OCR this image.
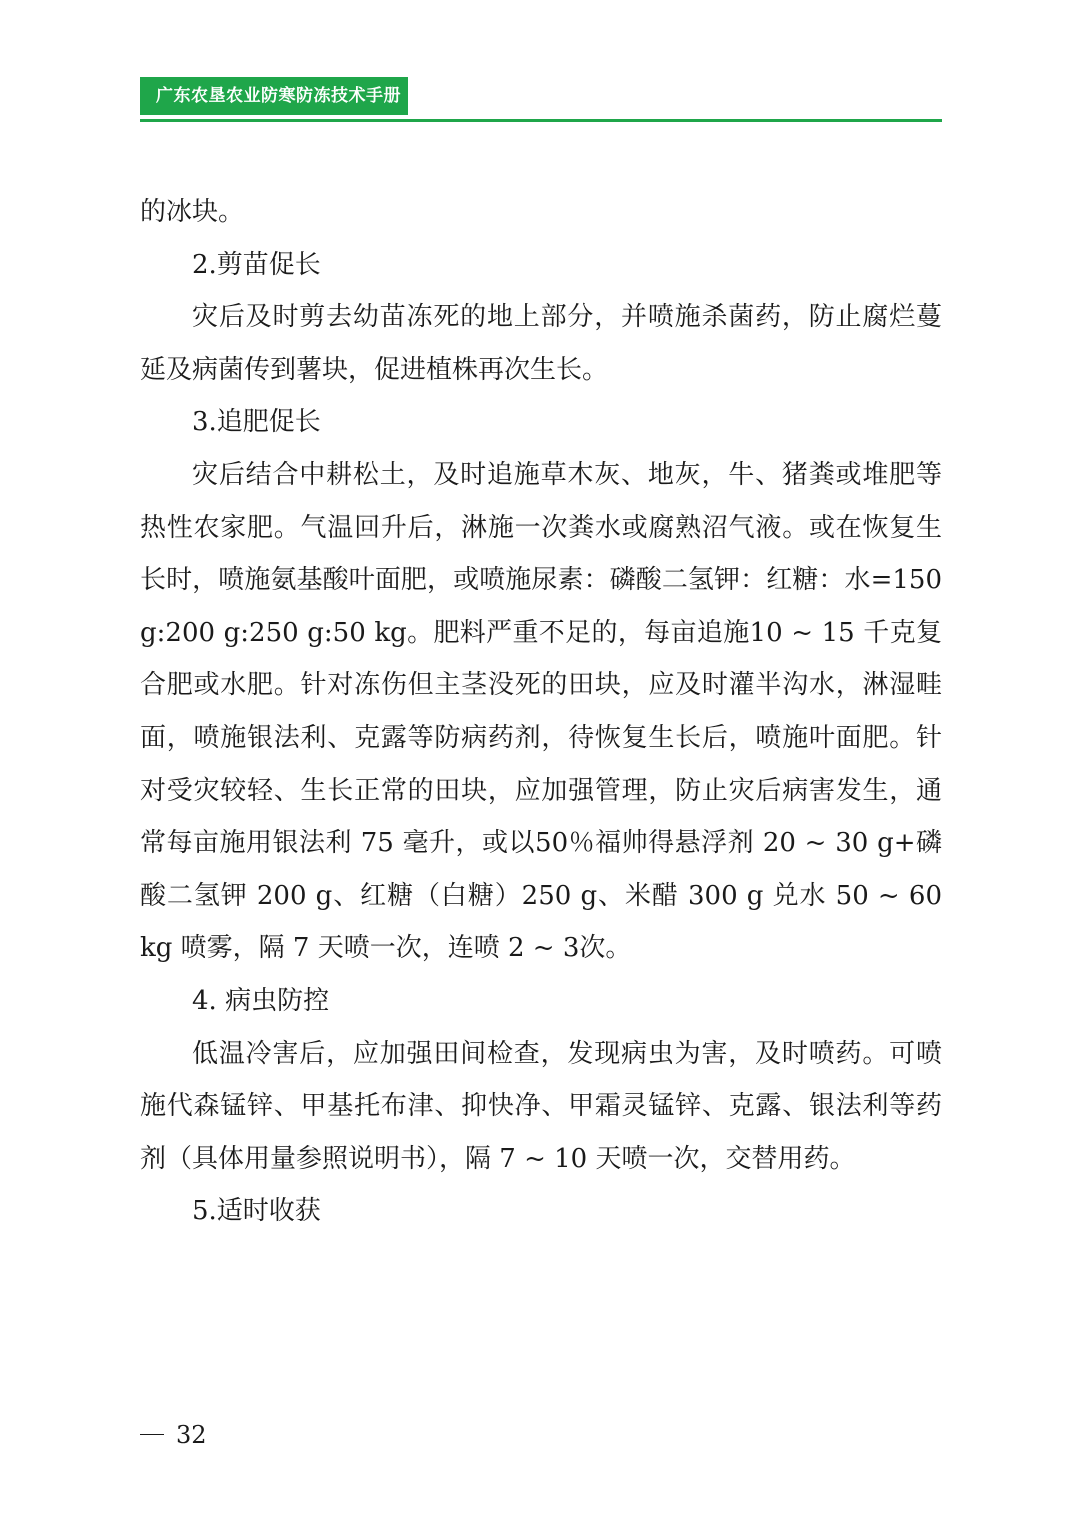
广东农垦农业防寒防冻技术手册

的冰块。

2.剪苗促长

灾后及时剪去幼苗冻死的地上部分，并喷施杀菌药，防止腐烂蔓延及病菌传到薯块，促进植株再次生长。

3.追肥促长

灾后结合中耕松土，及时追施草木灰、地灰，牛、猪粪或堆肥等热性农家肥。气温回升后，淋施一次粪水或腐熟沼气液。或在恢复生长时，喷施氨基酸叶面肥，或喷施尿素：磷酸二氢钾：红糖：水=150 g:200 g:250 g:50 kg。肥料严重不足的，每亩追施10 ~ 15 千克复合肥或水肥。针对冻伤但主茎没死的田块，应及时灌半沟水，淋湿畦面，喷施银法利、克露等防病药剂，待恢复生长后，喷施叶面肥。针对受灾较轻、生长正常的田块，应加强管理，防止灾后病害发生，通常每亩施用银法利 75 毫升，或以50％福帅得悬浮剂 20 ~ 30 g+磷酸二氢钾 200 g、红糖（白糖）250 g、米醋 300 g 兑水 50 ~ 60 kg 喷雾，隔 7 天喷一次，连喷 2 ~ 3次。

4. 病虫防控

低温冷害后，应加强田间检查，发现病虫为害，及时喷药。可喷施代森锰锌、甲基托布津、抑快净、甲霜灵锰锌、克露、银法利等药剂（具体用量参照说明书），隔 7 ~ 10 天喷一次，交替用药。

5.适时收获

32
